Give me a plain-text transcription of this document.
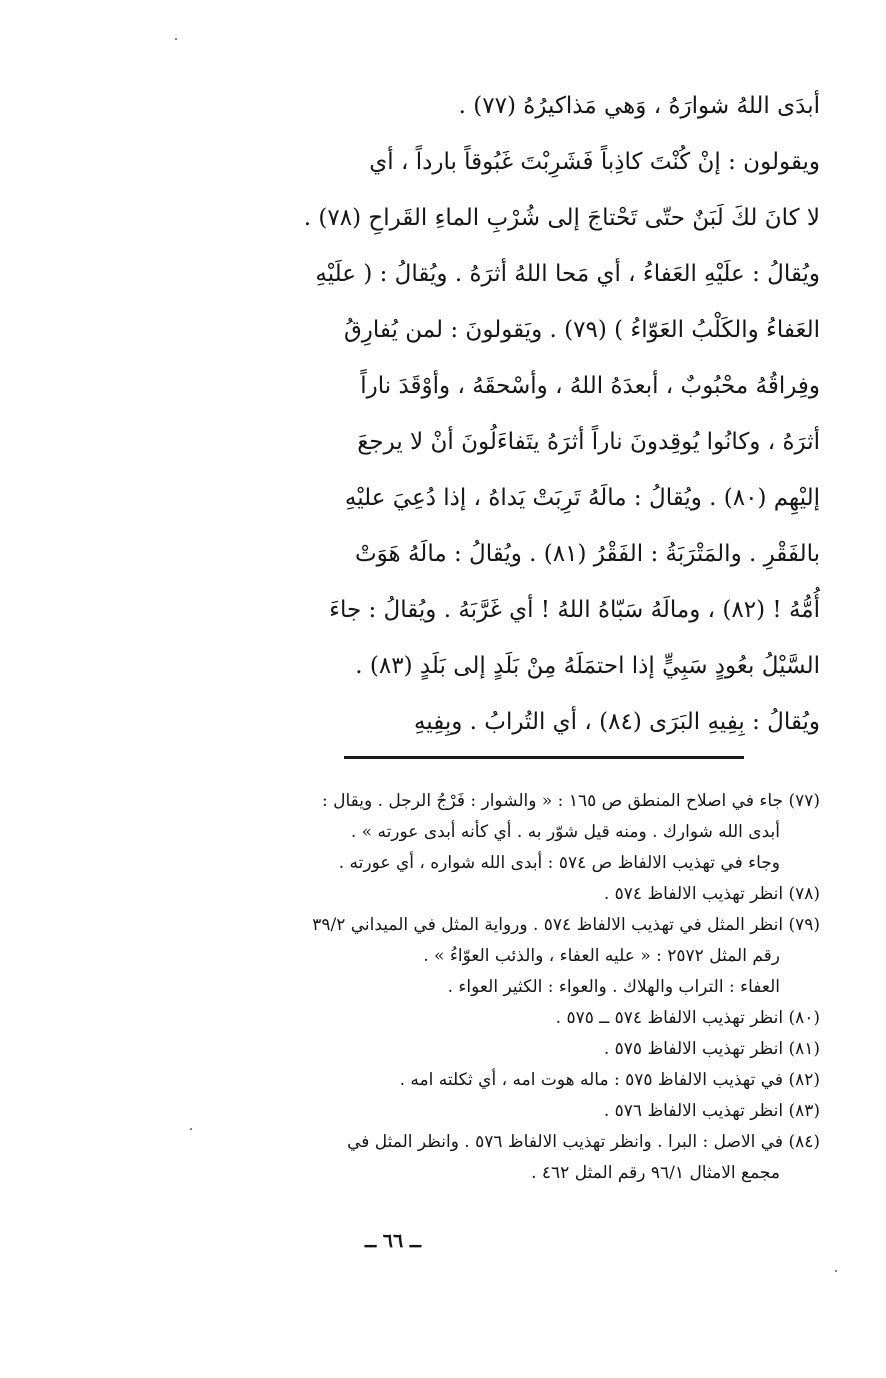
أبدَى اللهُ شوارَهُ ، وَهي مَذاكيرُهُ (٧٧) .
ويقولون : إنْ كُنْتَ كاذِباً فَشَرِبْتَ غَبُوقاً بارداً ، أي
لا كانَ لكَ لَبَنٌ حتّى تَحْتاجَ إلى شُرْبِ الماءِ القَراحِ (٧٨) .
ويُقالُ : علَيْهِ العَفاءُ ، أي مَحا اللهُ أثرَهُ . ويُقالُ : ( علَيْهِ
العَفاءُ والكَلْبُ العَوّاءُ ) (٧٩) . ويَقولونَ : لمن يُفارِقُ
وفِراقُهُ محْبُوبٌ ، أبعدَهُ اللهُ ، وأسْحقَهُ ، وأوْقَدَ ناراً
أثرَهُ ، وكانُوا يُوقِدونَ ناراً أثرَهُ يتَفاءَلُونَ أنْ لا يرجعَ
إليْهِم (٨٠) . ويُقالُ : مالَهُ تَرِبَتْ يَداهُ ، إذا دُعِيَ عليْهِ
بالفَقْرِ . والمَتْرَبَةُ : الفَقْرُ (٨١) . ويُقالُ : مالَهُ هَوَتْ
أُمُّهُ ! (٨٢) ، ومالَهُ سَبّاهُ اللهُ ! أي غَرَّبَهُ . ويُقالُ : جاءَ
السَّيْلُ بعُودٍ سَبِيٍّ إذا احتمَلَهُ مِنْ بَلَدٍ إلى بَلَدٍ (٨٣) .
ويُقالُ : بِفِيهِ البَرَى (٨٤) ، أي التُرابُ . وبِفِيهِ
(٧٧) جاء في اصلاح المنطق ص ١٦٥ : « والشوار : فَرْجُ الرجل . ويقال :
أبدى الله شوارك . ومنه قيل شوّر به . أي كأنه أبدى عورته » .
وجاء في تهذيب الالفاظ ص ٥٧٤ : أبدى الله شواره ، أي عورته .
(٧٨) انظر تهذيب الالفاظ ٥٧٤ .
(٧٩) انظر المثل في تهذيب الالفاظ ٥٧٤ . ورواية المثل في الميداني ٣٩/٢
رقم المثل ٢٥٧٢ : « عليه العفاء ، والذئب العوّاءُ » .
العفاء : التراب والهلاك . والعواء : الكثير العواء .
(٨٠) انظر تهذيب الالفاظ ٥٧٤ ــ ٥٧٥ .
(٨١) انظر تهذيب الالفاظ ٥٧٥ .
(٨٢) في تهذيب الالفاظ ٥٧٥ : ماله هوت امه ، أي ثكلته امه .
(٨٣) انظر تهذيب الالفاظ ٥٧٦ .
(٨٤) في الاصل : البرا . وانظر تهذيب الالفاظ ٥٧٦ . وانظر المثل في
مجمع الامثال ٩٦/١ رقم المثل ٤٦٢ .
ــ ٦٦ ــ
